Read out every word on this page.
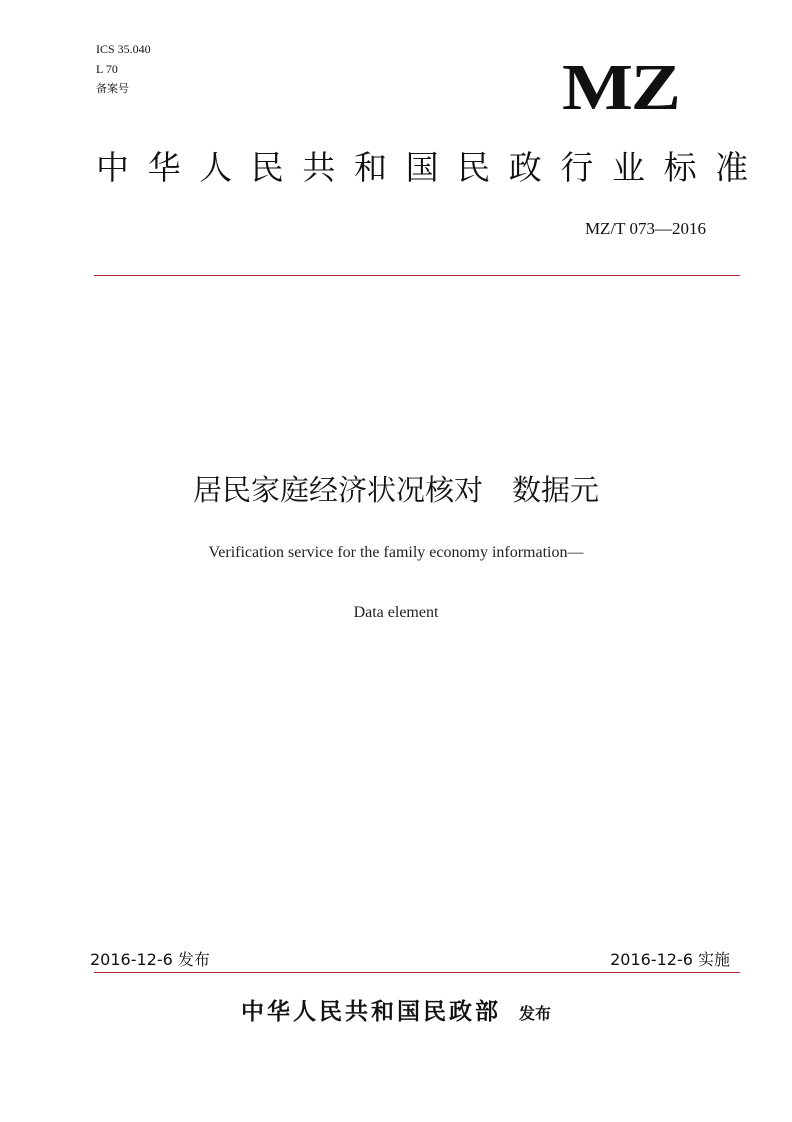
ICS 35.040
L 70
备案号	MZ
中华人民共和国民政行业标准
MZ/T 073—2016
居民家庭经济状况核对　数据元
Verification service for the family economy information—
Data element
2016-12-6 发布	2016-12-6 实施
中华人民共和国民政部 发布
